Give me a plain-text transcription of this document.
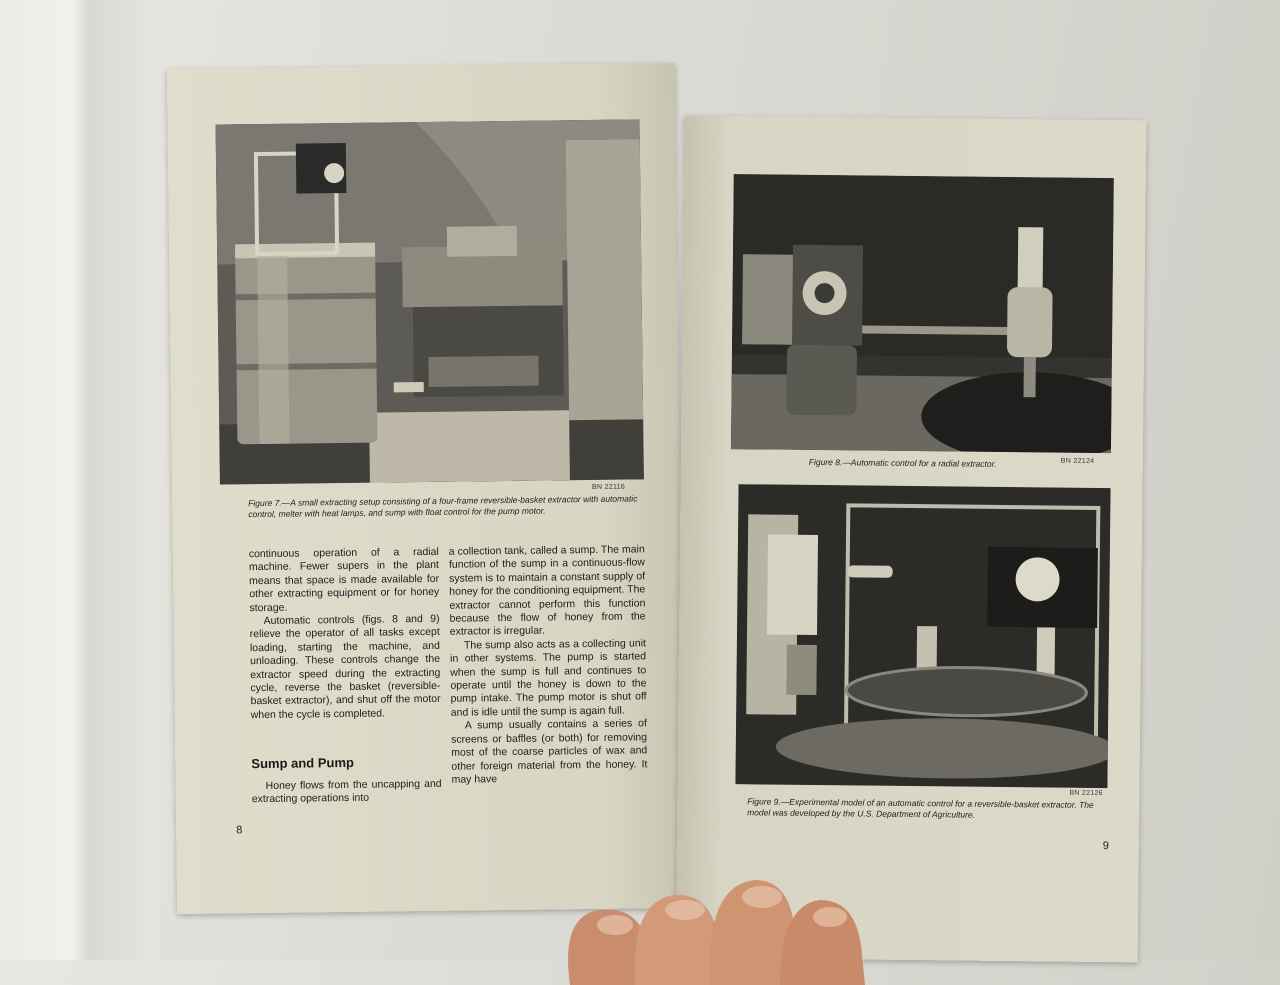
BN 22116
Figure 7.—A small extracting setup consisting of a four-frame reversible-basket extractor with automatic control, melter with heat lamps, and sump with float control for the pump motor.

continuous operation of a radial machine. Fewer supers in the plant means that space is made available for other extracting equipment or for honey storage.

Automatic controls (figs. 8 and 9) relieve the operator of all tasks except loading, starting the machine, and unloading. These controls change the extractor speed during the extracting cycle, reverse the basket (reversible-basket extractor), and shut off the motor when the cycle is completed.

Sump and Pump

Honey flows from the uncapping and extracting operations into

a collection tank, called a sump. The main function of the sump in a continuous-flow system is to maintain a constant supply of honey for the conditioning equipment. The extractor cannot perform this function because the flow of honey from the extractor is irregular.

The sump also acts as a collecting unit in other systems. The pump is started when the sump is full and continues to operate until the honey is down to the pump intake. The pump motor is shut off and is idle until the sump is again full.

A sump usually contains a series of screens or baffles (or both) for removing most of the coarse particles of wax and other foreign material from the honey. It may have

8
Figure 8.—Automatic control for a radial extractor.	BN 22124
BN 22126
Figure 9.—Experimental model of an automatic control for a reversible-basket extractor. The model was developed by the U.S. Department of Agriculture.
9
